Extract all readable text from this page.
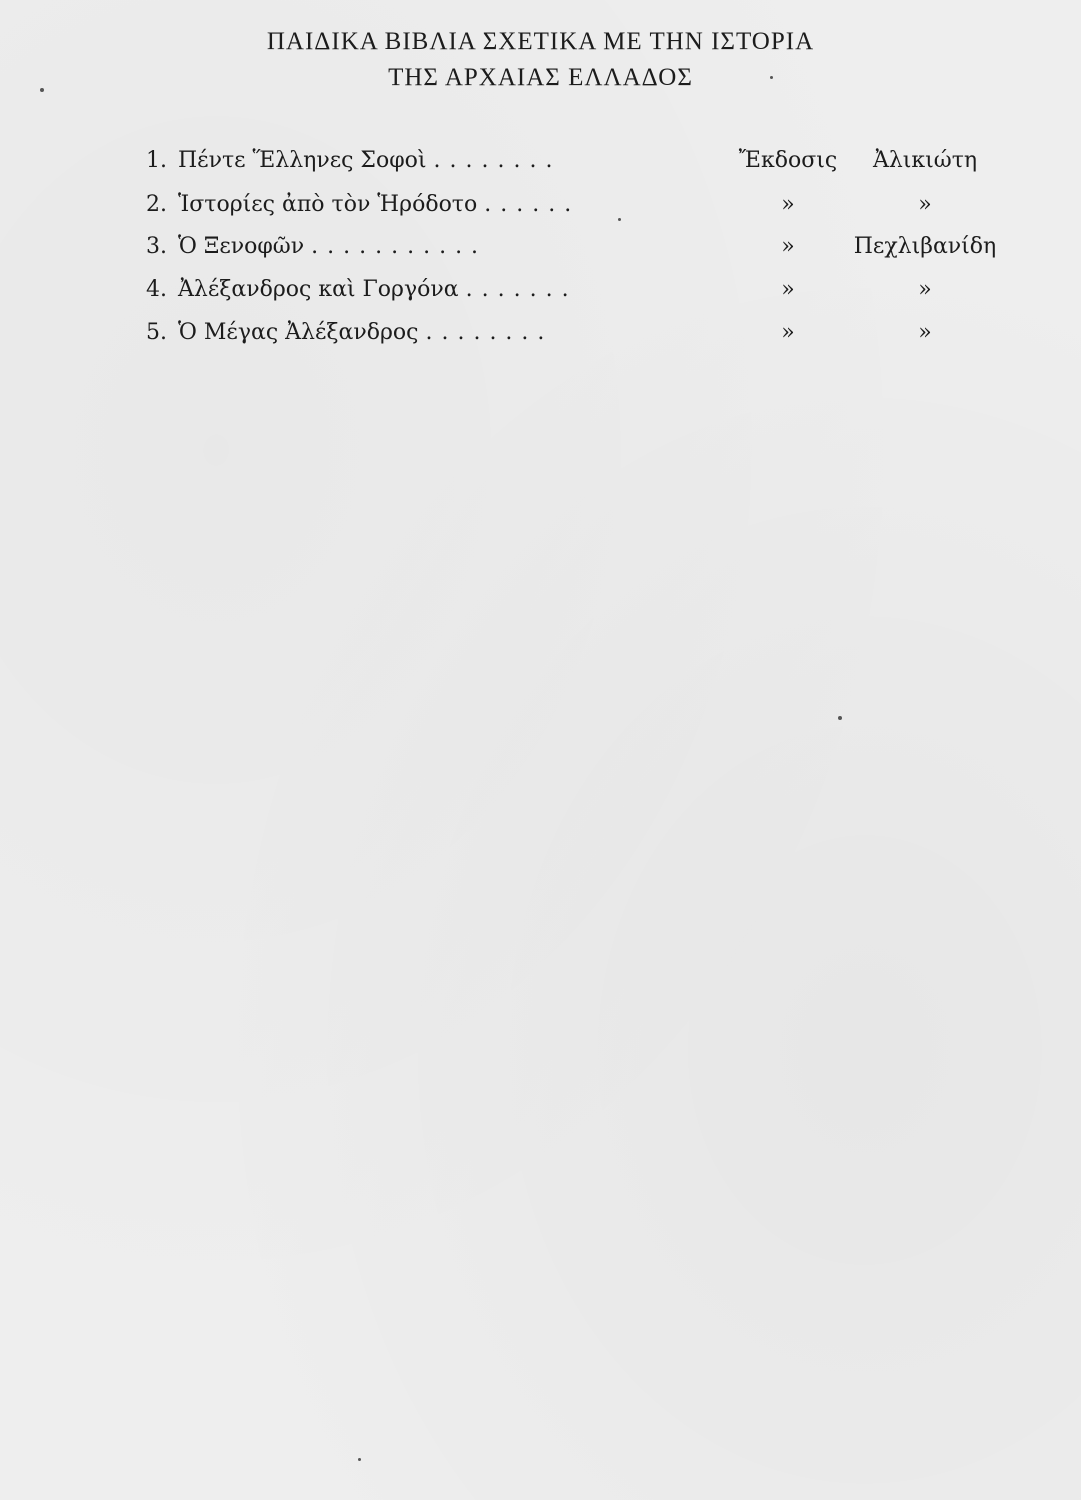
ΠΑΙΔΙΚΑ ΒΙΒΛΙΑ ΣΧΕΤΙΚΑ ΜΕ ΤΗΝ ΙΣΤΟΡΙΑ
ΤΗΣ ΑΡΧΑΙΑΣ ΕΛΛΑΔΟΣ
1. Πέντε Ἕλληνες Σοφοὶ ........	Ἔκδοσις	Ἀλικιώτη
2. Ἱστορίες ἀπὸ τὸν Ἡρόδοτο ......	»	»
3. Ὁ Ξενοφῶν ...........	»	Πεχλιβανίδη
4. Ἀλέξανδρος καὶ Γοργόνα .......	»	»
5. Ὁ Μέγας Ἀλέξανδρος ........	»	»
